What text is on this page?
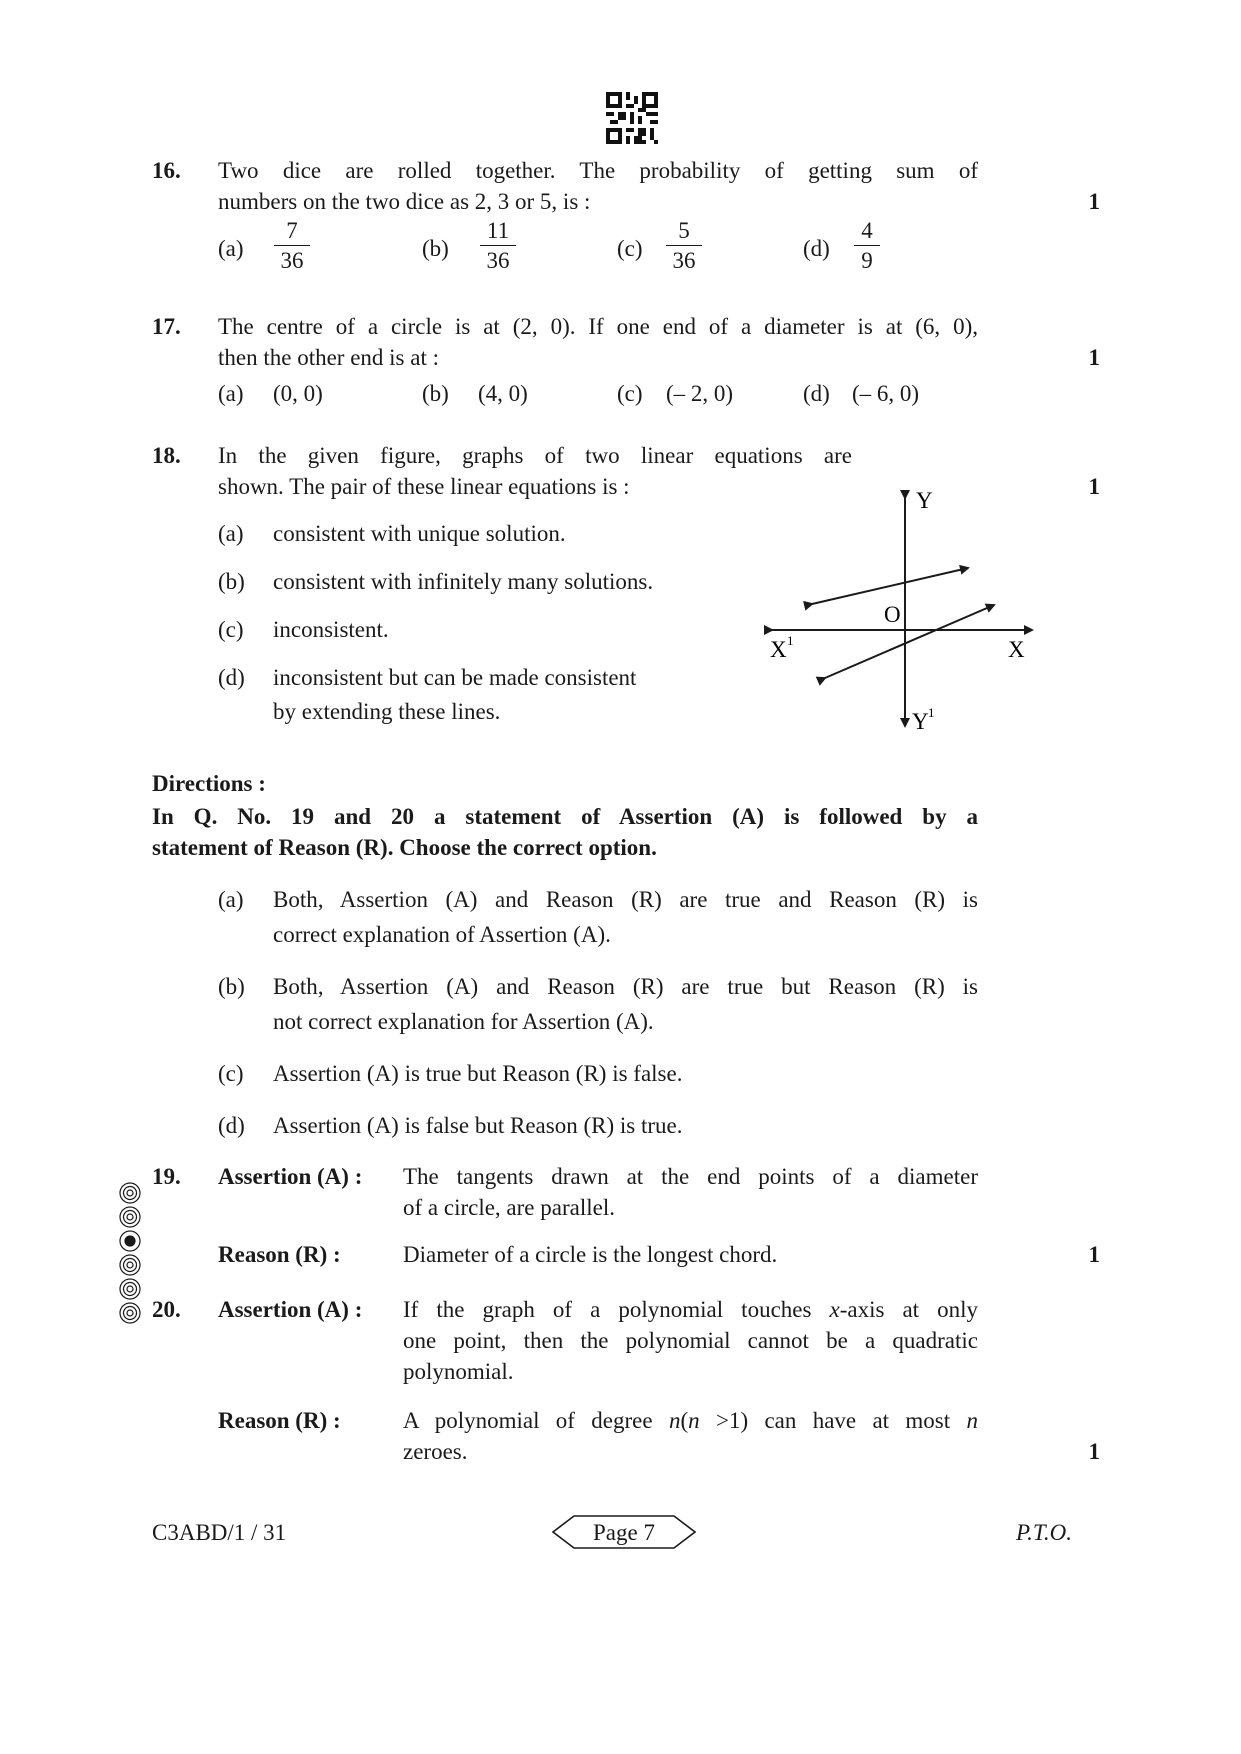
16. Two dice are rolled together. The probability of getting sum of
numbers on the two dice as 2, 3 or 5, is :	1
(a)
7
36	(b)
11
36	(c)
5
36	(d)
4
9
17. The centre of a circle is at (2, 0). If one end of a diameter is at (6, 0),
then the other end is at :	1
(a) (0, 0)	(b) (4, 0)	(c) (– 2, 0)	(d) (– 6, 0)
18. In the given figure, graphs of two linear equations are
shown. The pair of these linear equations is :	1
(a) consistent with unique solution.
(b) consistent with infinitely many solutions.
(c) inconsistent.
(d) inconsistent but can be made consistent
by extending these lines.
Y
O
X 1	X
Y 1
Directions :
In Q. No. 19 and 20 a statement of Assertion (A) is followed by a
statement of Reason (R). Choose the correct option.
(a) Both, Assertion (A) and Reason (R) are true and Reason (R) is
correct explanation of Assertion (A).
(b) Both, Assertion (A) and Reason (R) are true but Reason (R) is
not correct explanation for Assertion (A).
(c) Assertion (A) is true but Reason (R) is false.
(d) Assertion (A) is false but Reason (R) is true.
19. Assertion (A) : The tangents drawn at the end points of a diameter
of a circle, are parallel.
Reason (R) :	Diameter of a circle is the longest chord.	1
20. Assertion (A) : If the graph of a polynomial touches x-axis at only
one point, then the polynomial cannot be a quadratic
polynomial.
Reason (R) :	A polynomial of degree n(n >1) can have at most n
zeroes.	1
C3ABD/1 / 31	Page 7	P.T.O.
